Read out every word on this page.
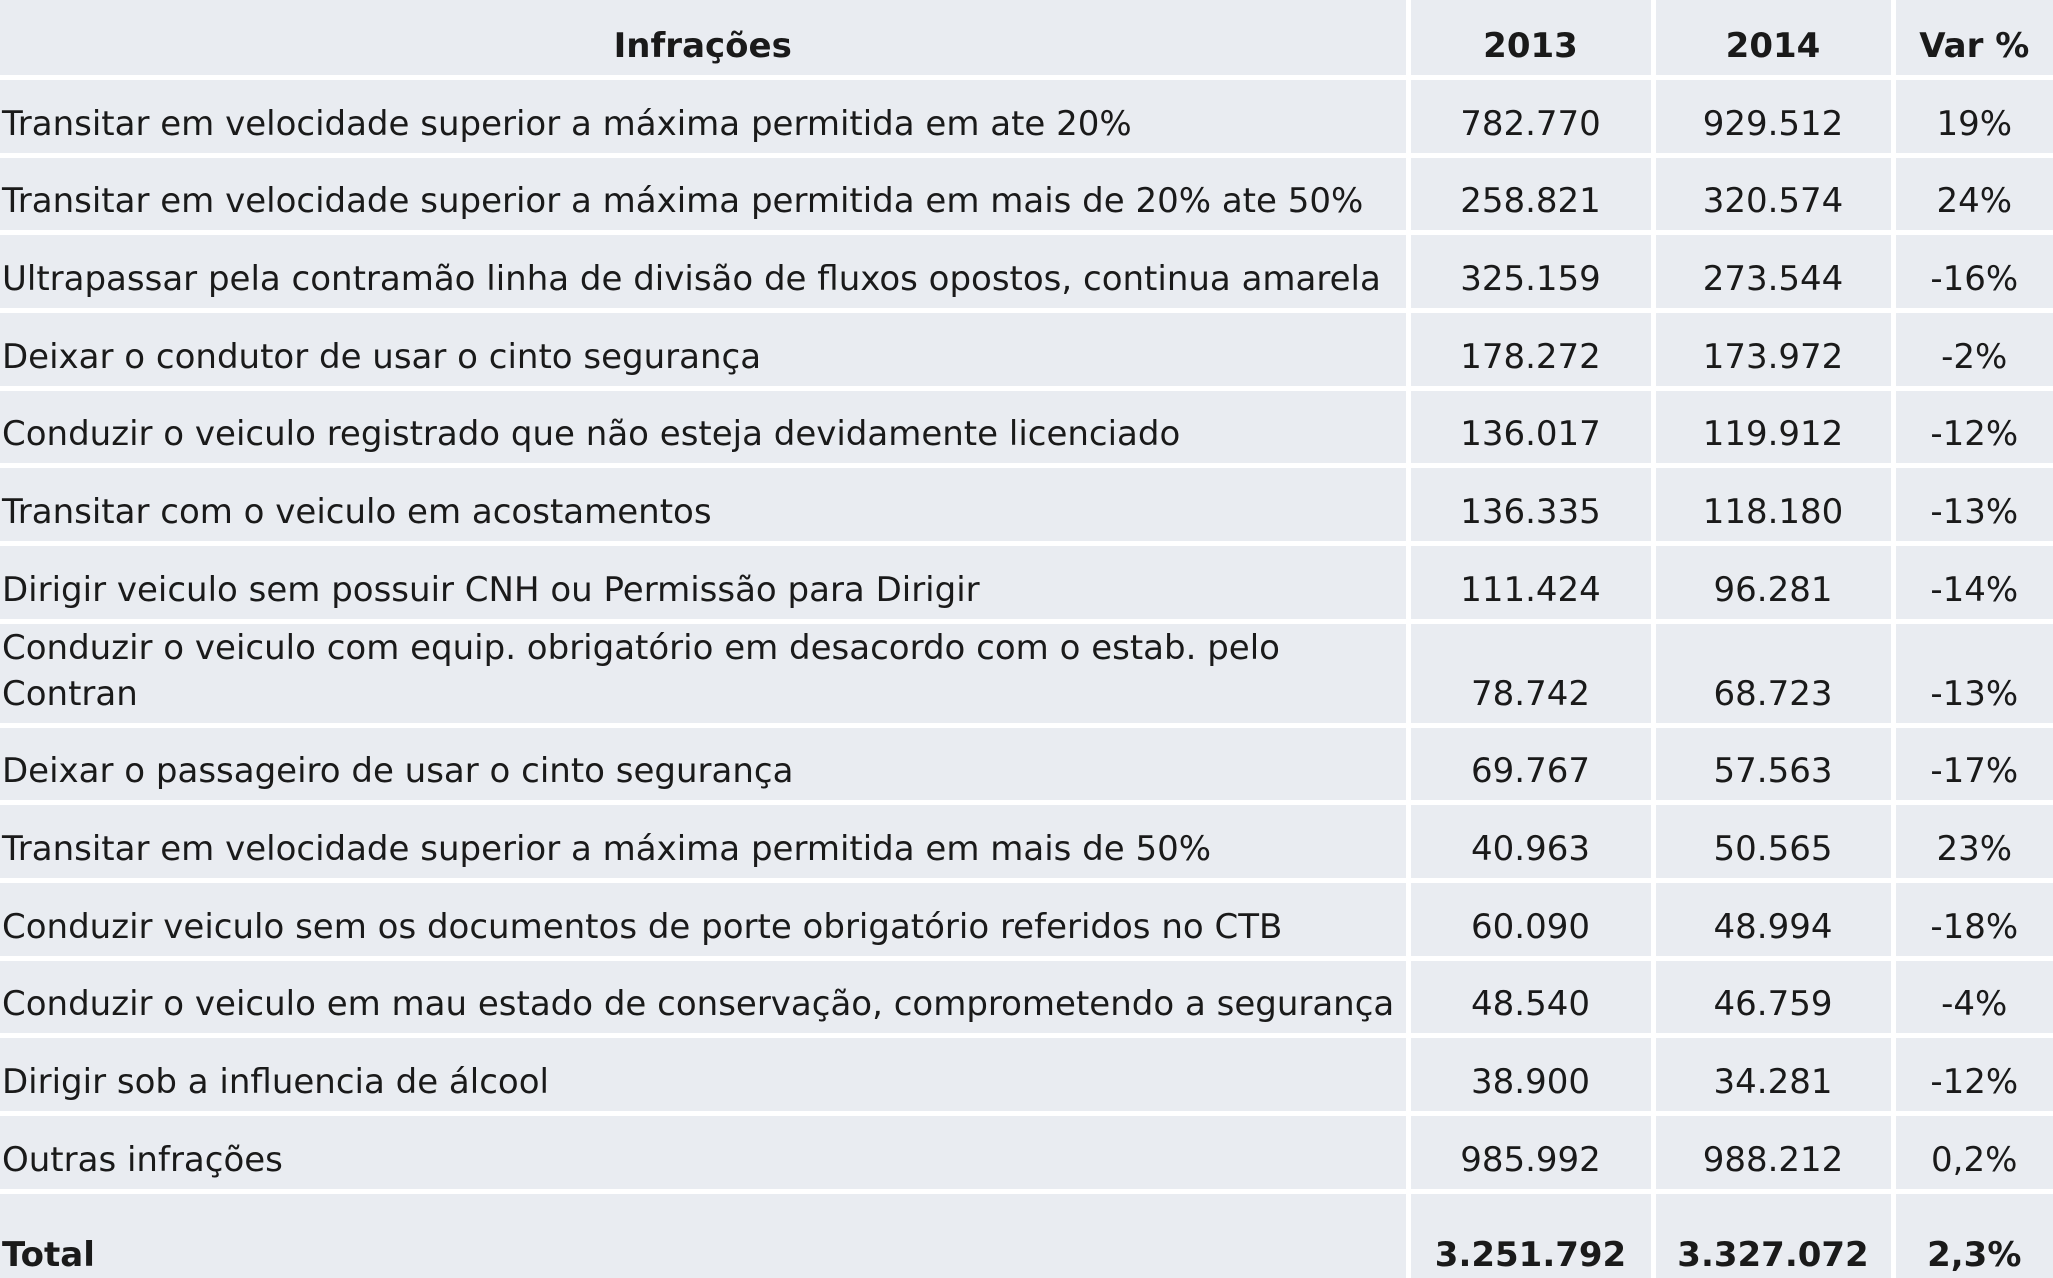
Infrações	2013	2014	Var %
Transitar em velocidade superior a máxima permitida em ate 20%	782.770	929.512	19%
Transitar em velocidade superior a máxima permitida em mais de 20% ate 50%	258.821	320.574	24%
Ultrapassar pela contramão linha de divisão de fluxos opostos, continua amarela	325.159	273.544	-16%
Deixar o condutor de usar o cinto segurança	178.272	173.972	-2%
Conduzir o veiculo registrado que não esteja devidamente licenciado	136.017	119.912	-12%
Transitar com o veiculo em acostamentos	136.335	118.180	-13%
Dirigir veiculo sem possuir CNH ou Permissão para Dirigir	111.424	96.281	-14%
Conduzir o veiculo com equip. obrigatório em desacordo com o estab. pelo Contran	78.742	68.723	-13%
Deixar o passageiro de usar o cinto segurança	69.767	57.563	-17%
Transitar em velocidade superior a máxima permitida em mais de 50%	40.963	50.565	23%
Conduzir veiculo sem os documentos de porte obrigatório referidos no CTB	60.090	48.994	-18%
Conduzir o veiculo em mau estado de conservação, comprometendo a segurança	48.540	46.759	-4%
Dirigir sob a influencia de álcool	38.900	34.281	-12%
Outras infrações	985.992	988.212	0,2%
Total	3.251.792	3.327.072	2,3%
